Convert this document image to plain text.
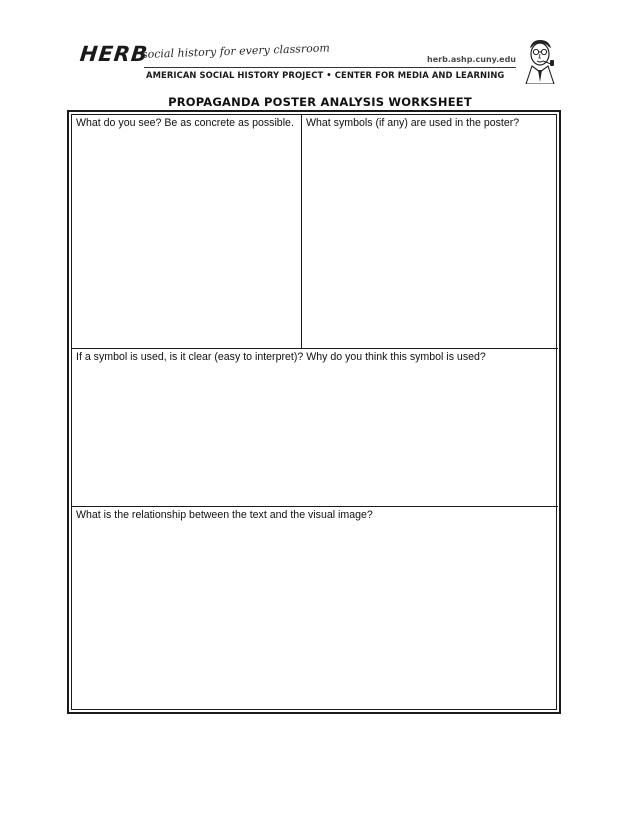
HERB
social history for every classroom	herb.ashp.cuny.edu
AMERICAN SOCIAL HISTORY PROJECT • CENTER FOR MEDIA AND LEARNING
PROPAGANDA POSTER ANALYSIS WORKSHEET
What do you see? Be as concrete as possible.	What symbols (if any) are used in the poster?
If a symbol is used, is it clear (easy to interpret)? Why do you think this symbol is used?
What is the relationship between the text and the visual image?
